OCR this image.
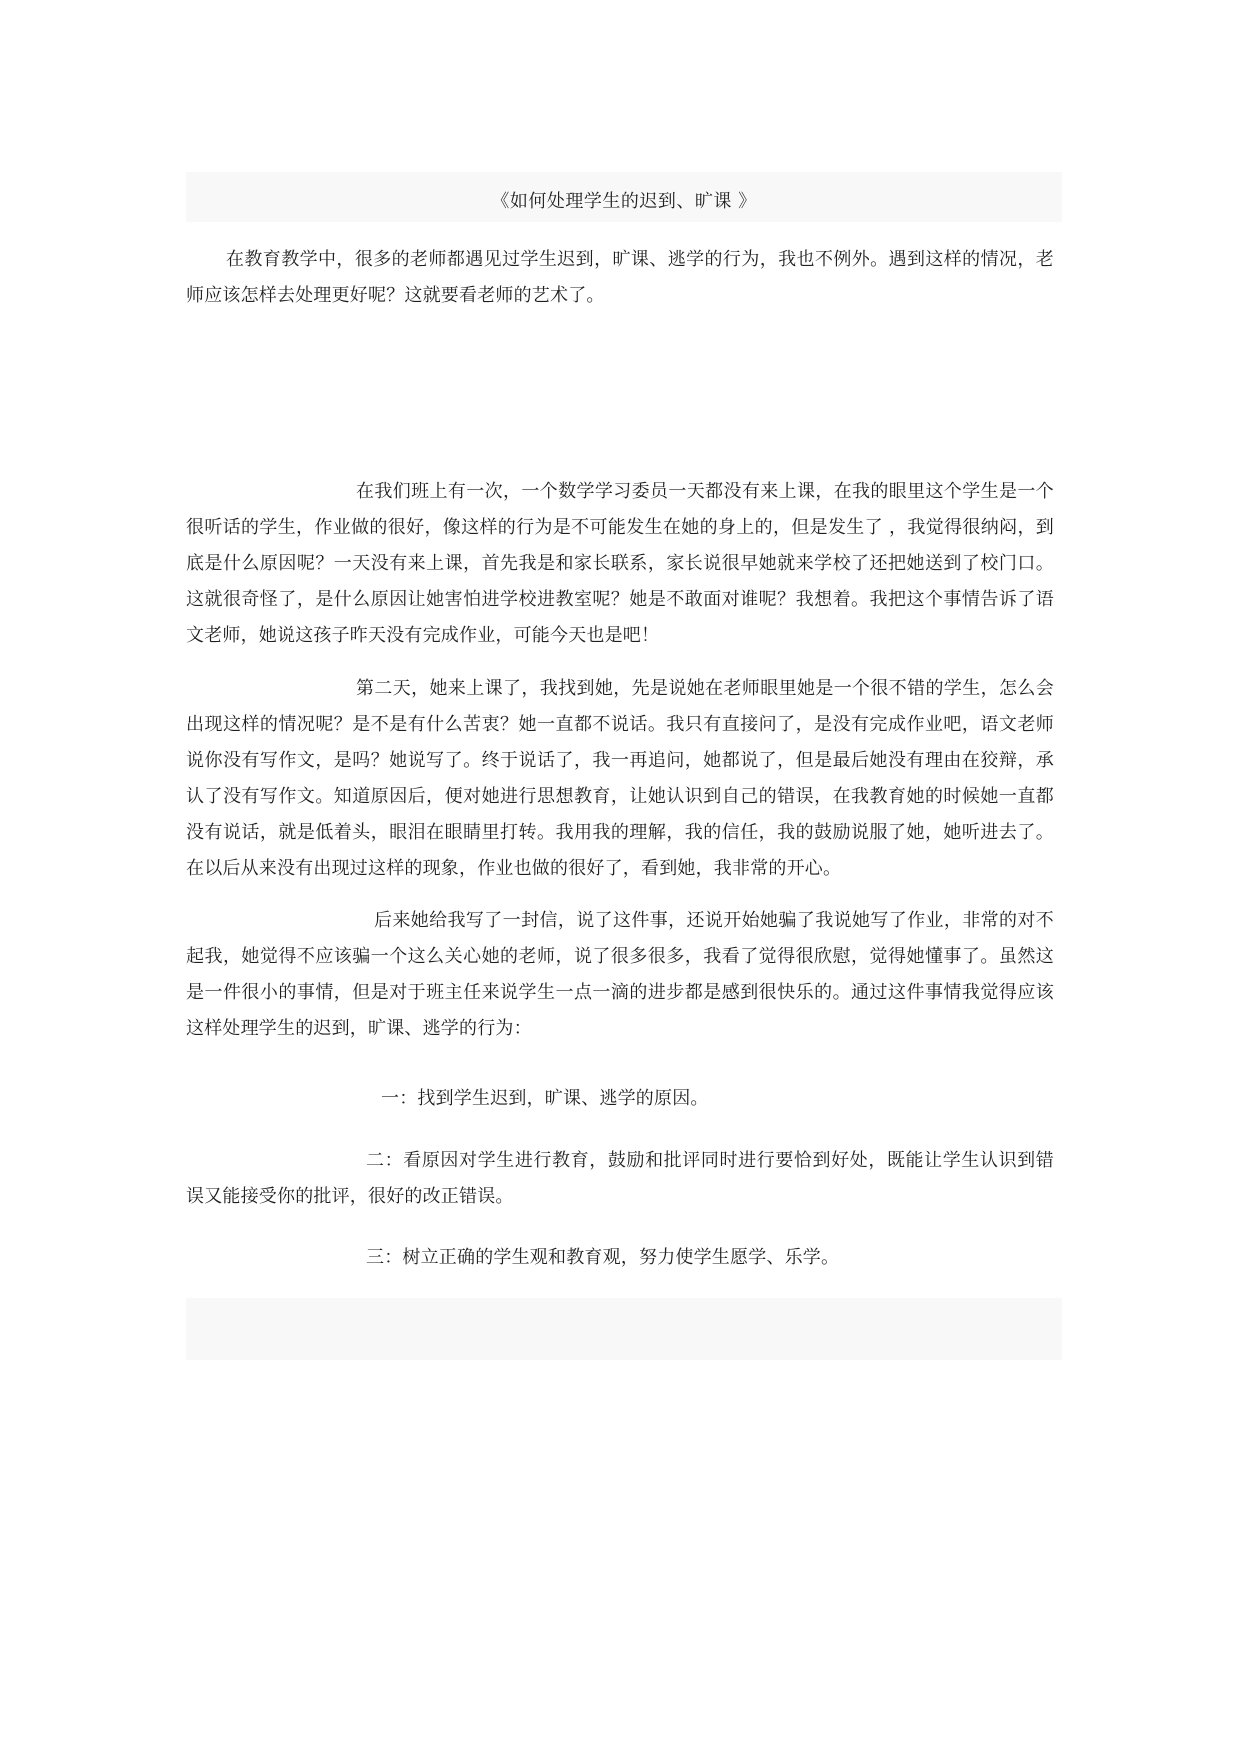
《如何处理学生的迟到、旷课 》

在教育教学中，很多的老师都遇见过学生迟到，旷课、逃学的行为，我也不例外。遇到这样的情况，老师应该怎样去处理更好呢？这就要看老师的艺术了。

在我们班上有一次，一个数学学习委员一天都没有来上课，在我的眼里这个学生是一个很听话的学生，作业做的很好，像这样的行为是不可能发生在她的身上的，但是发生了 ，我觉得很纳闷，到底是什么原因呢？一天没有来上课，首先我是和家长联系，家长说很早她就来学校了还把她送到了校门口。这就很奇怪了，是什么原因让她害怕进学校进教室呢？她是不敢面对谁呢？我想着。我把这个事情告诉了语文老师，她说这孩子昨天没有完成作业，可能今天也是吧！

第二天，她来上课了，我找到她，先是说她在老师眼里她是一个很不错的学生，怎么会出现这样的情况呢？是不是有什么苦衷？她一直都不说话。我只有直接问了，是没有完成作业吧，语文老师说你没有写作文，是吗？她说写了。终于说话了，我一再追问，她都说了，但是最后她没有理由在狡辩，承认了没有写作文。知道原因后，便对她进行思想教育，让她认识到自己的错误，在我教育她的时候她一直都没有说话，就是低着头，眼泪在眼睛里打转。我用我的理解，我的信任，我的鼓励说服了她，她听进去了。在以后从来没有出现过这样的现象，作业也做的很好了，看到她，我非常的开心。

后来她给我写了一封信，说了这件事，还说开始她骗了我说她写了作业，非常的对不起我，她觉得不应该骗一个这么关心她的老师，说了很多很多，我看了觉得很欣慰，觉得她懂事了。虽然这是一件很小的事情，但是对于班主任来说学生一点一滴的进步都是感到很快乐的。通过这件事情我觉得应该这样处理学生的迟到，旷课、逃学的行为：

一：找到学生迟到，旷课、逃学的原因。

二：看原因对学生进行教育，鼓励和批评同时进行要恰到好处，既能让学生认识到错误又能接受你的批评，很好的改正错误。

三：树立正确的学生观和教育观，努力使学生愿学、乐学。
